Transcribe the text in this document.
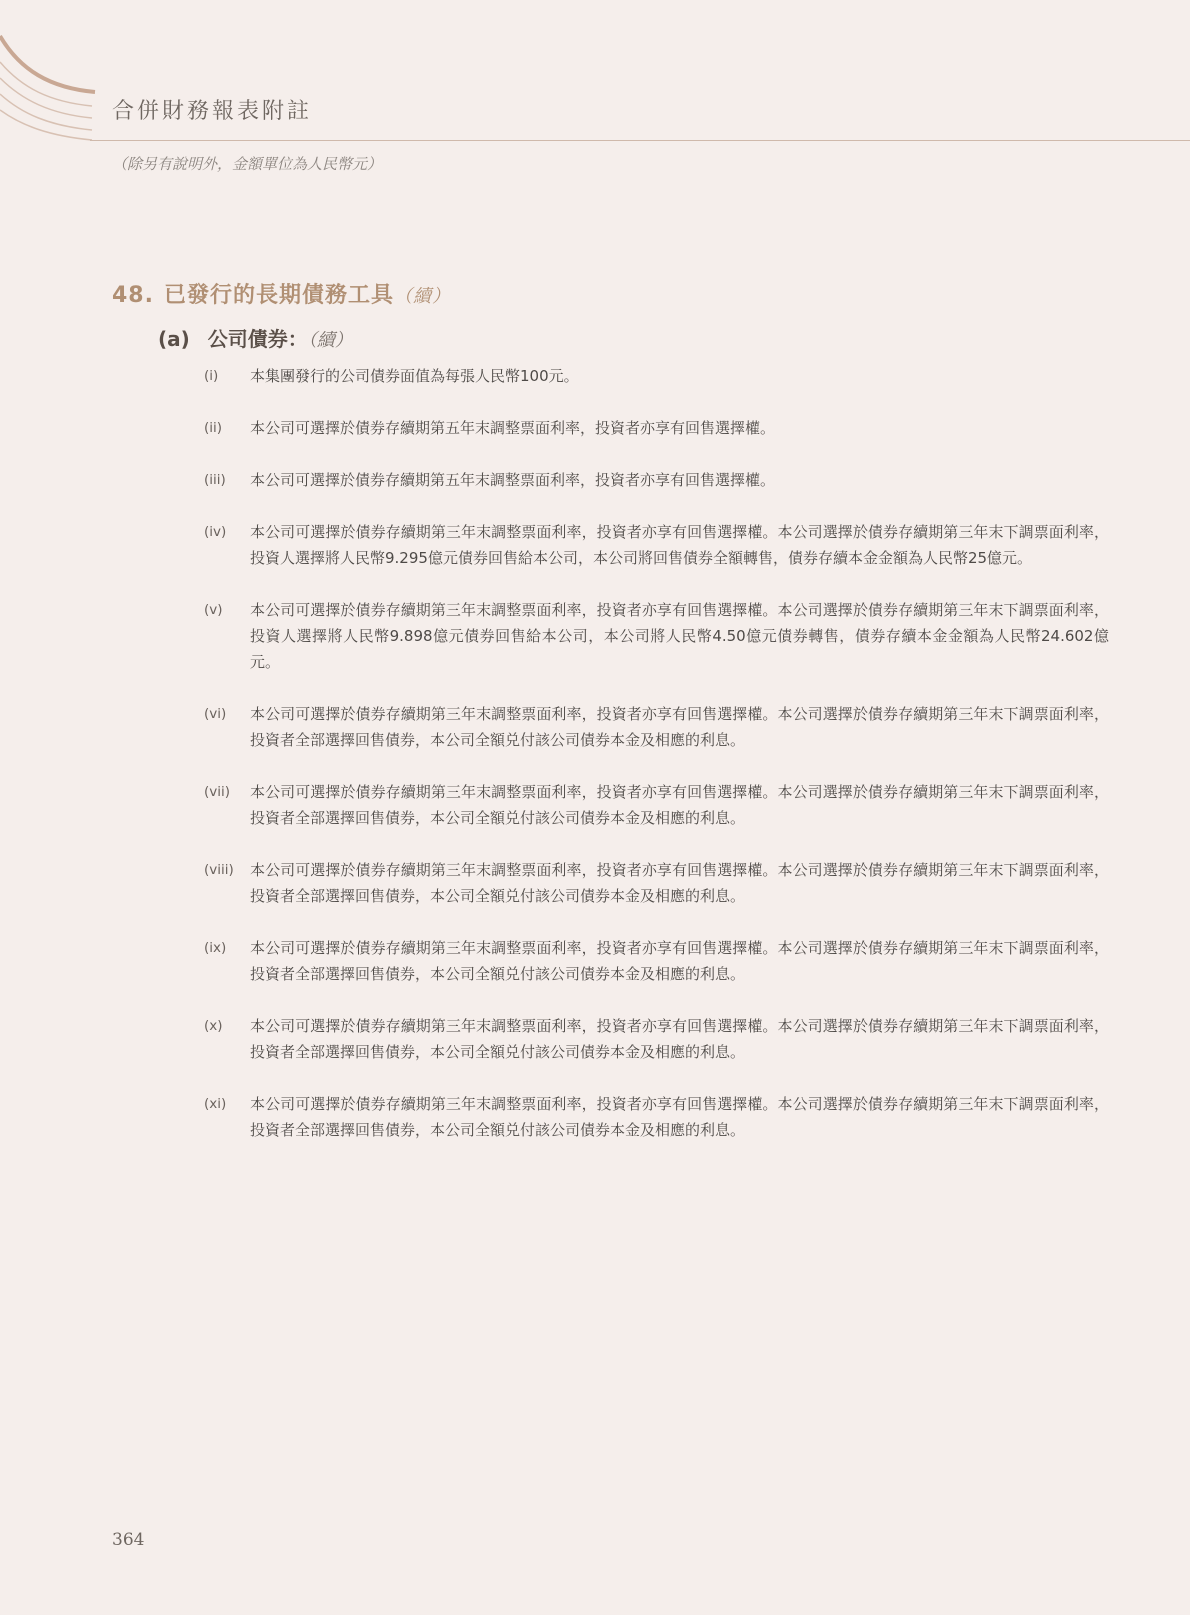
合併財務報表附註
（除另有說明外，金額單位為人民幣元）
48. 已發行的長期債務工具（續）
(a) 公司債券：（續）
(i)	本集團發行的公司債券面值為每張人民幣100元。
(ii)	本公司可選擇於債券存續期第五年末調整票面利率，投資者亦享有回售選擇權。
(iii)	本公司可選擇於債券存續期第五年末調整票面利率，投資者亦享有回售選擇權。
(iv)	本公司可選擇於債券存續期第三年末調整票面利率，投資者亦享有回售選擇權。本公司選擇於債券存續期第三年末下調票面利率，投資人選擇將人民幣9.295億元債券回售給本公司，本公司將回售債券全額轉售，債券存續本金金額為人民幣25億元。
(v)	本公司可選擇於債券存續期第三年末調整票面利率，投資者亦享有回售選擇權。本公司選擇於債券存續期第三年末下調票面利率，投資人選擇將人民幣9.898億元債券回售給本公司，本公司將人民幣4.50億元債券轉售，債券存續本金金額為人民幣24.602億元。
(vi)	本公司可選擇於債券存續期第三年末調整票面利率，投資者亦享有回售選擇權。本公司選擇於債券存續期第三年末下調票面利率，投資者全部選擇回售債券，本公司全額兑付該公司債券本金及相應的利息。
(vii)	本公司可選擇於債券存續期第三年末調整票面利率，投資者亦享有回售選擇權。本公司選擇於債券存續期第三年末下調票面利率，投資者全部選擇回售債券，本公司全額兑付該公司債券本金及相應的利息。
(viii)	本公司可選擇於債券存續期第三年末調整票面利率，投資者亦享有回售選擇權。本公司選擇於債券存續期第三年末下調票面利率，投資者全部選擇回售債券，本公司全額兑付該公司債券本金及相應的利息。
(ix)	本公司可選擇於債券存續期第三年末調整票面利率，投資者亦享有回售選擇權。本公司選擇於債券存續期第三年末下調票面利率，投資者全部選擇回售債券，本公司全額兑付該公司債券本金及相應的利息。
(x)	本公司可選擇於債券存續期第三年末調整票面利率，投資者亦享有回售選擇權。本公司選擇於債券存續期第三年末下調票面利率，投資者全部選擇回售債券，本公司全額兑付該公司債券本金及相應的利息。
(xi)	本公司可選擇於債券存續期第三年末調整票面利率，投資者亦享有回售選擇權。本公司選擇於債券存續期第三年末下調票面利率，投資者全部選擇回售債券，本公司全額兑付該公司債券本金及相應的利息。
364
